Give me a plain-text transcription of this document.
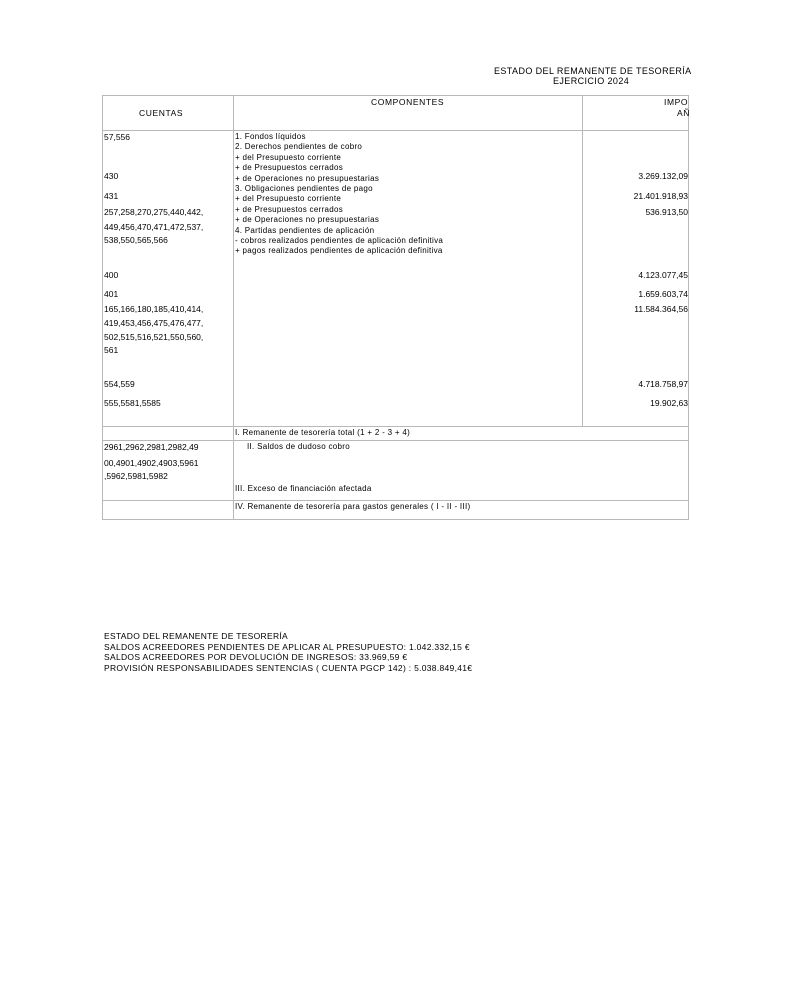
ESTADO DEL REMANENTE DE TESORERÍA
EJERCICIO 2024
CUENTAS
COMPONENTES	IMPO
AÑ
57,556
430
431
257,258,270,275,440,442,
449,456,470,471,472,537,
538,550,565,566
400
401
165,166,180,185,410,414,
419,453,456,475,476,477,
502,515,516,521,550,560,
561
554,559
555,5581,5585
1. Fondos líquidos
2. Derechos pendientes de cobro
+ del Presupuesto corriente
+ de Presupuestos cerrados
+ de Operaciones no presupuestarias
3. Obligaciones pendientes de pago
+ del Presupuesto corriente
+ de Presupuestos cerrados
+ de Operaciones no presupuestarias
4. Partidas pendientes de aplicación
- cobros realizados pendientes de aplicación definitiva
+ pagos realizados pendientes de aplicación definitiva
3.269.132,09
21.401.918,93
536.913,50
4.123.077,45
1.659.603,74
11.584.364,56
4.718.758,97
19.902,63
I. Remanente de tesorería total (1 + 2 - 3 + 4)
2961,2962,2981,2982,49
00,4901,4902,4903,5961
,5962,5981,5982
II. Saldos de dudoso cobro
III. Exceso de financiación afectada
IV. Remanente de tesorería para gastos generales ( I - II - III)
ESTADO DEL REMANENTE DE TESORERÍA
SALDOS ACREEDORES PENDIENTES DE APLICAR AL PRESUPUESTO: 1.042.332,15 €
SALDOS ACREEDORES POR DEVOLUCIÓN DE INGRESOS: 33.969,59 €
PROVISIÓN RESPONSABILIDADES SENTENCIAS ( CUENTA PGCP 142) : 5.038.849,41€
